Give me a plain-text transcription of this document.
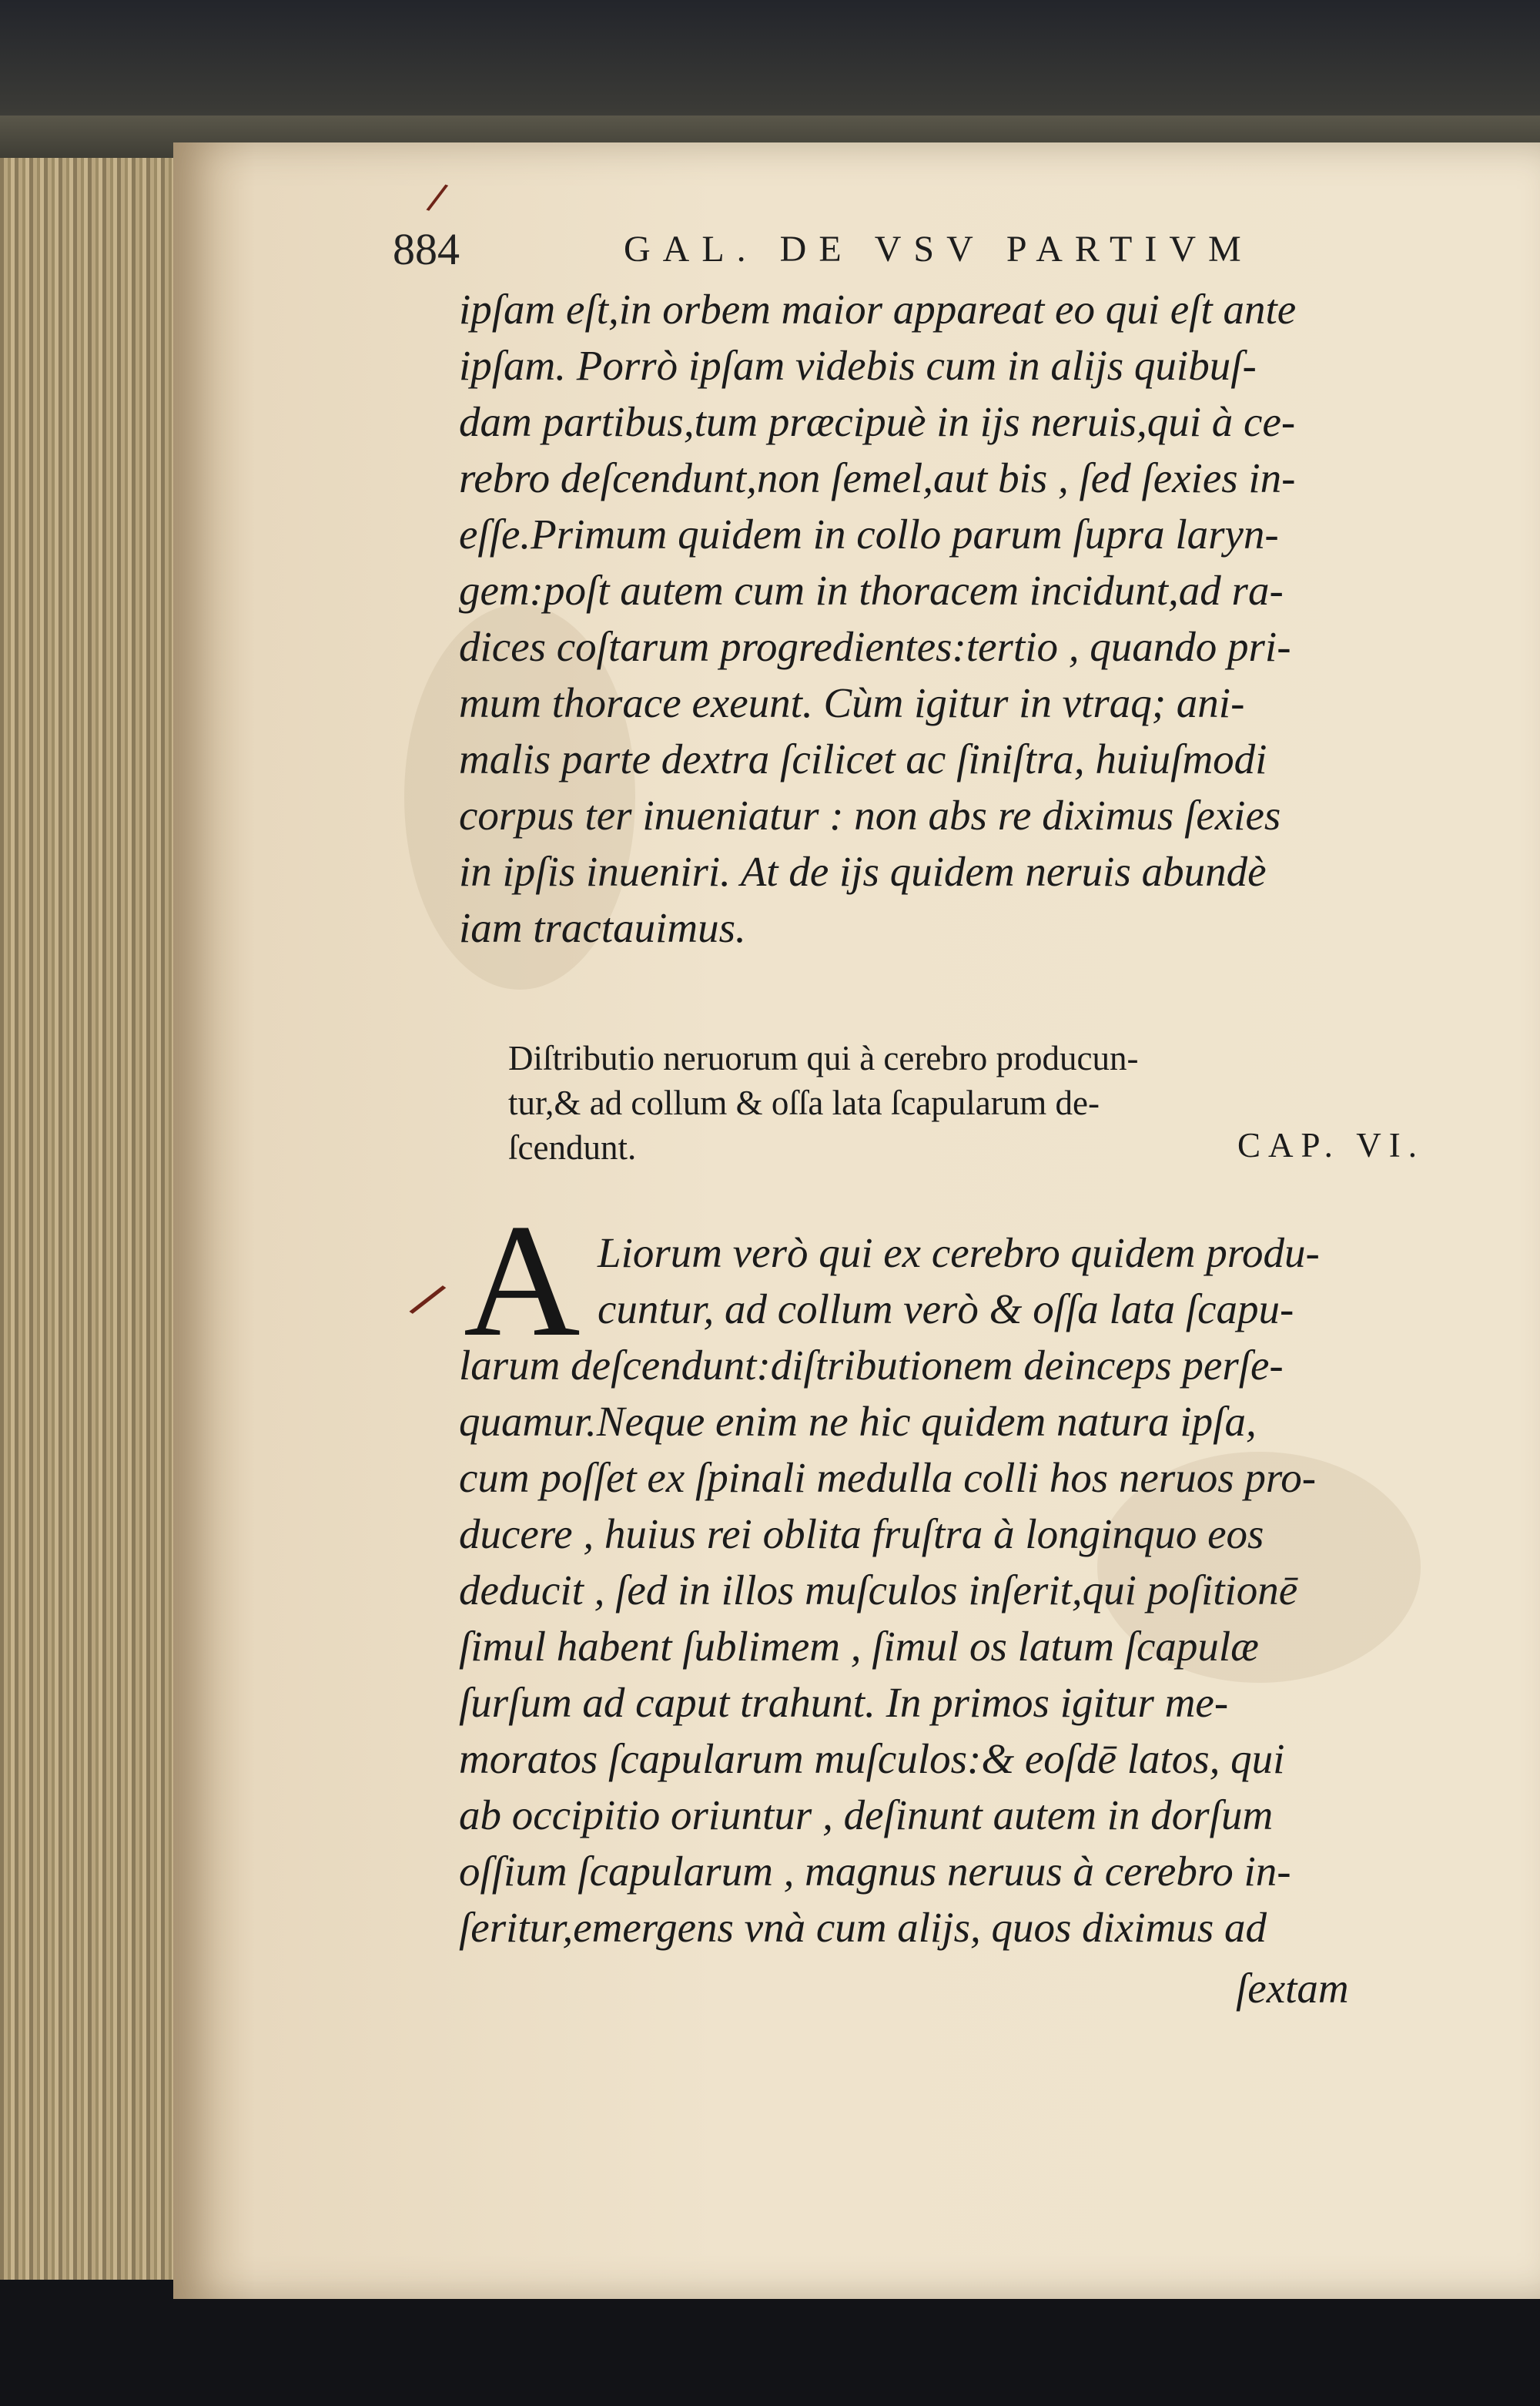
/
/
884	GAL. DE VSV PARTIVM
ipſam eſt,in orbem maior appareat eo qui eſt ante
ipſam. Porrò ipſam videbis cum in aliјs quibuſ-
dam partibus,tum præcipuè in iјs neruis,qui à ce-
rebro deſcendunt,non ſemel,aut bis , ſed ſexies in-
eſſe.Primum quidem in collo parum ſupra laryn-
gem:poſt autem cum in thoracem incidunt,ad ra-
dices coſtarum progredientes:tertio , quando pri-
mum thorace exeunt. Cùm igitur in vtraq; ani-
malis parte dextra ſcilicet ac ſiniſtra, huiuſmodi
corpus ter inueniatur : non abs re diximus ſexies
in ipſis inueniri. At de iјs quidem neruis abundè
iam tractauimus.
Diſtributio neruorum qui à cerebro producun-
tur,& ad collum & oſſa lata ſcapularum de-
ſcendunt.	CAP. VI.
A Liorum verò qui ex cerebro quidem produ-
cuntur, ad collum verò & oſſa lata ſcapu-
larum deſcendunt:diſtributionem deinceps perſe-
quamur.Neque enim ne hic quidem natura ipſa,
cum poſſet ex ſpinali medulla colli hos neruos pro-
ducere , huius rei oblita fruſtra à longinquo eos
deducit , ſed in illos muſculos inſerit,qui poſitionē
ſimul habent ſublimem , ſimul os latum ſcapulæ
ſurſum ad caput trahunt. In primos igitur me-
moratos ſcapularum muſculos:& eoſdē latos, qui
ab occipitio oriuntur , deſinunt autem in dorſum
oſſium ſcapularum , magnus neruus à cerebro in-
ſeritur,emergens vnà cum aliјs, quos diximus ad
ſextam
